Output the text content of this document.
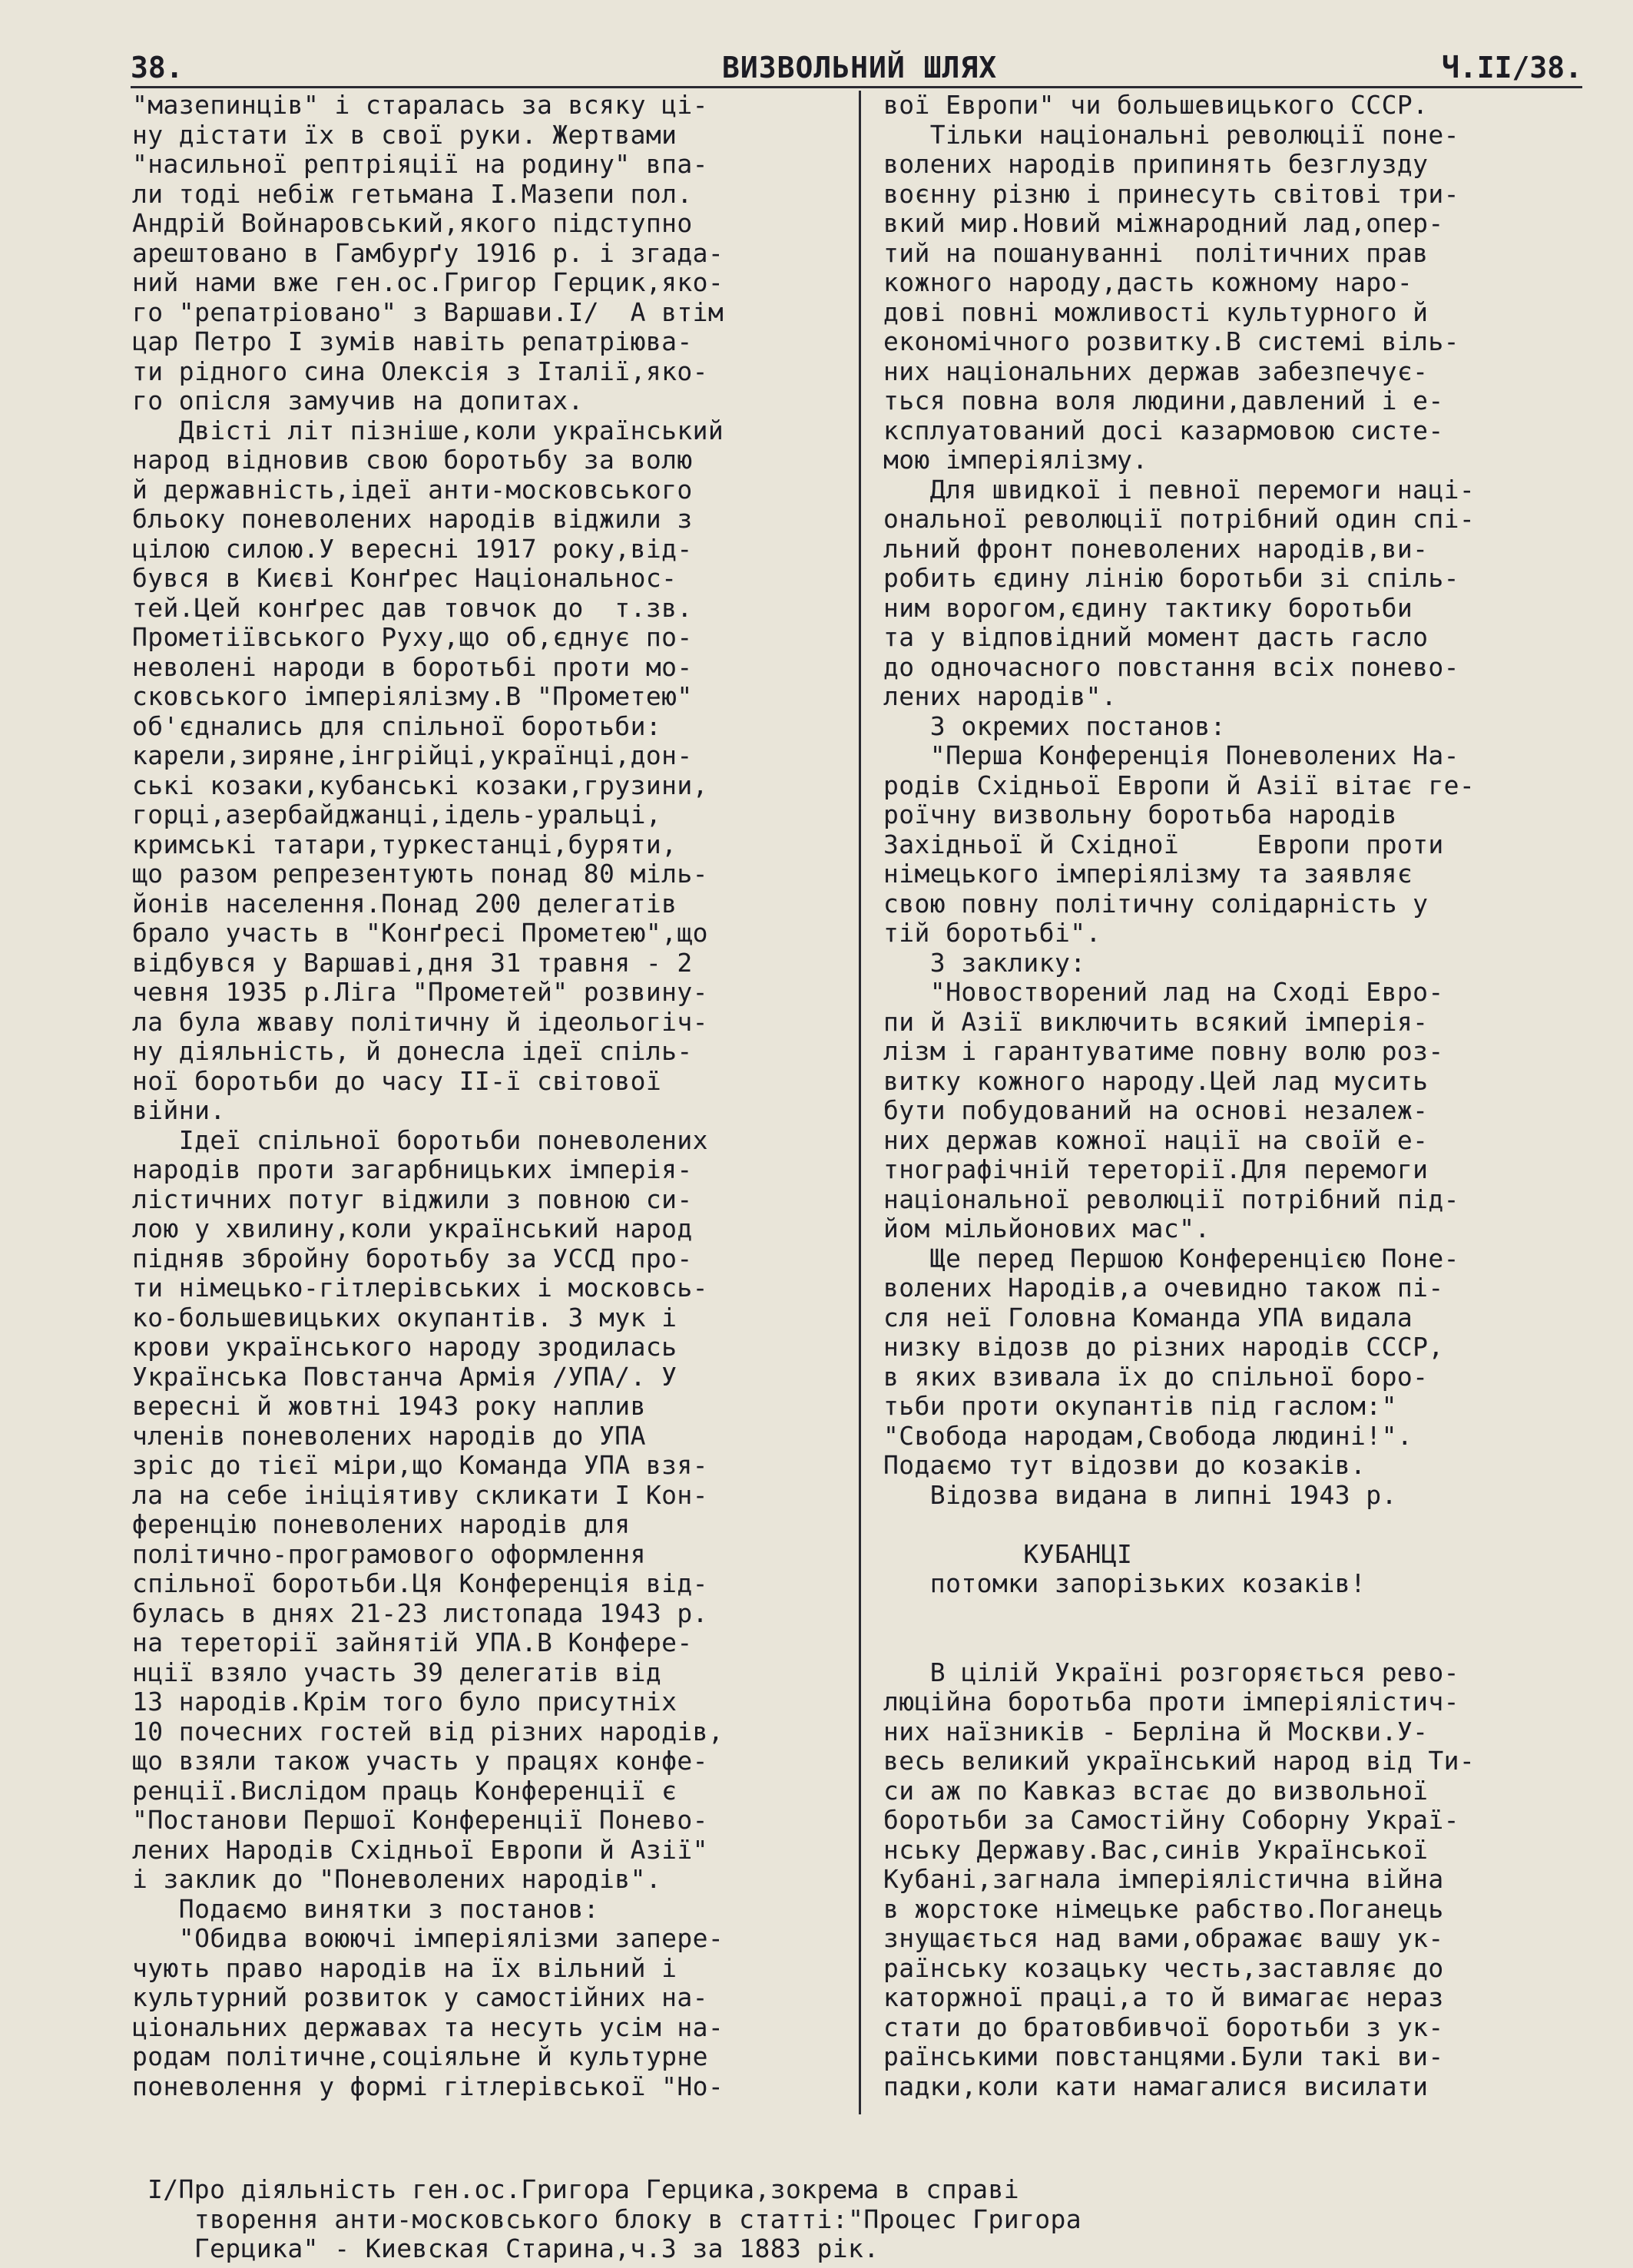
38.	ВИЗВОЛЬНИЙ ШЛЯХ	Ч.II/38.
"мазепинців" і старалась за всяку ці-
ну дістати їх в свої руки. Жертвами
"насильної рептріяції на родину" впа-
ли тоді небіж гетьмана І.Мазепи пол.
Андрій Войнаровський,якого підступно
арештовано в Гамбурґу 1916 р. і згада-
ний нами вже ген.ос.Григор Герцик,яко-
го "репатріовано" з Варшави.І/  А втім
цар Петро І зумів навіть репатріюва-
ти рідного сина Олексія з Італії,яко-
го опісля замучив на допитах.
Двісті літ пізніше,коли український
народ відновив свою боротьбу за волю
й державність,ідеї анти-московського
бльоку поневолених народів віджили з
цілою силою.У вересні 1917 року,від-
бувся в Києві Конґрес Національнос-
тей.Цей конґрес дав товчок до  т.зв.
Прометіївського Руху,що об,єднує по-
неволені народи в боротьбі проти мо-
сковського імперіялізму.В "Прометею"
об'єднались для спільної боротьби:
карели,зиряне,інгрійці,українці,дон-
ські козаки,кубанські козаки,грузини,
горці,азербайджанці,ідель-уральці,
кримські татари,туркестанці,буряти,
що разом репрезентують понад 80 міль-
йонів населення.Понад 200 делегатів
брало участь в "Конґресі Прометею",що
відбувся у Варшаві,дня 31 травня - 2
чевня 1935 р.Ліга "Прометей" розвину-
ла була жваву політичну й ідеольогіч-
ну діяльність, й донесла ідеї спіль-
ної боротьби до часу ІІ-ї світової
війни.
Ідеї спільної боротьби поневолених
народів проти загарбницьких імперія-
лістичних потуг віджили з повною си-
лою у хвилину,коли український народ
підняв збройну боротьбу за УССД про-
ти німецько-гітлерівських і московсь-
ко-большевицьких окупантів. З мук і
крови українського народу зродилась
Українська Повстанча Армія /УПА/. У
вересні й жовтні 1943 року наплив
членів поневолених народів до УПА
зріс до тієї міри,що Команда УПА взя-
ла на себе ініціятиву скликати І Кон-
ференцію поневолених народів для
політично-програмового оформлення
спільної боротьби.Ця Конференція від-
булась в днях 21-23 листопада 1943 р.
на тереторії зайнятій УПА.В Конфере-
нції взяло участь 39 делегатів від
13 народів.Крім того було присутніх
10 почесних гостей від різних народів,
що взяли також участь у працях конфе-
ренції.Вислідом праць Конференції є
"Постанови Першої Конференції Понево-
лених Народів Східньої Европи й Азії"
і заклик до "Поневолених народів".
Подаємо винятки з постанов:
"Обидва воюючі імперіялізми запере-
чують право народів на їх вільний і
культурний розвиток у самостійних на-
ціональних державах та несуть усім на-
родам політичне,соціяльне й культурне
поневолення у формі гітлерівської "Но-
вої Европи" чи большевицького СССР.
Тільки національні революції поне-
волених народів припинять безглузду
воєнну різню і принесуть світові три-
вкий мир.Новий міжнародний лад,опер-
тий на пошануванні  політичних прав
кожного народу,дасть кожному наро-
дові повні можливості культурного й
економічного розвитку.В системі віль-
них національних держав забезпечує-
ться повна воля людини,давлений і е-
ксплуатований досі казармовою систе-
мою імперіялізму.
Для швидкої і певної перемоги наці-
ональної революції потрібний один спі-
льний фронт поневолених народів,ви-
робить єдину лінію боротьби зі спіль-
ним ворогом,єдину тактику боротьби
та у відповідний момент дасть гасло
до одночасного повстання всіх понево-
лених народів".
З окремих постанов:
"Перша Конференція Поневолених На-
родів Східньої Европи й Азії вітає ге-
роїчну визвольну боротьба народів
Західньої й Східної     Европи проти
німецького імперіялізму та заявляє
свою повну політичну солідарність у
тій боротьбі".
З заклику:
"Новостворений лад на Сході Евро-
пи й Азії виключить всякий імперія-
лізм і гарантуватиме повну волю роз-
витку кожного народу.Цей лад мусить
бути побудований на основі незалеж-
них держав кожної нації на своїй е-
тнографічній тереторії.Для перемоги
національної революції потрібний під-
йом мільйонових мас".
Ще перед Першою Конференцією Поне-
волених Народів,а очевидно також пі-
сля неї Головна Команда УПА видала
низку відозв до різних народів СССР,
в яких взивала їх до спільної боро-
тьби проти окупантів під гаслом:"
"Свобода народам,Свобода людині!".
Подаємо тут відозви до козаків.
Відозва видана в липні 1943 р.
КУБАНЦІ
потомки запорізьких козаків!
В цілій Україні розгоряється рево-
люційна боротьба проти імперіялістич-
них наїзників - Берліна й Москви.У-
весь великий український народ від Ти-
си аж по Кавказ встає до визвольної
боротьби за Самостійну Соборну Украї-
нську Державу.Вас,синів Української
Кубані,загнала імперіялістична війна
в жорстоке німецьке рабство.Поганець
знущається над вами,ображає вашу ук-
раїнську козацьку честь,заставляє до
каторжної праці,а то й вимагає нераз
стати до братовбивчої боротьби з ук-
раїнськими повстанцями.Були такі ви-
падки,коли кати намагалися висилати
І/Про діяльність ген.ос.Григора Герцика,зокрема в справі
творення анти-московського блоку в статті:"Процес Григора
Герцика" - Киевская Старина,ч.3 за 1883 рік.
